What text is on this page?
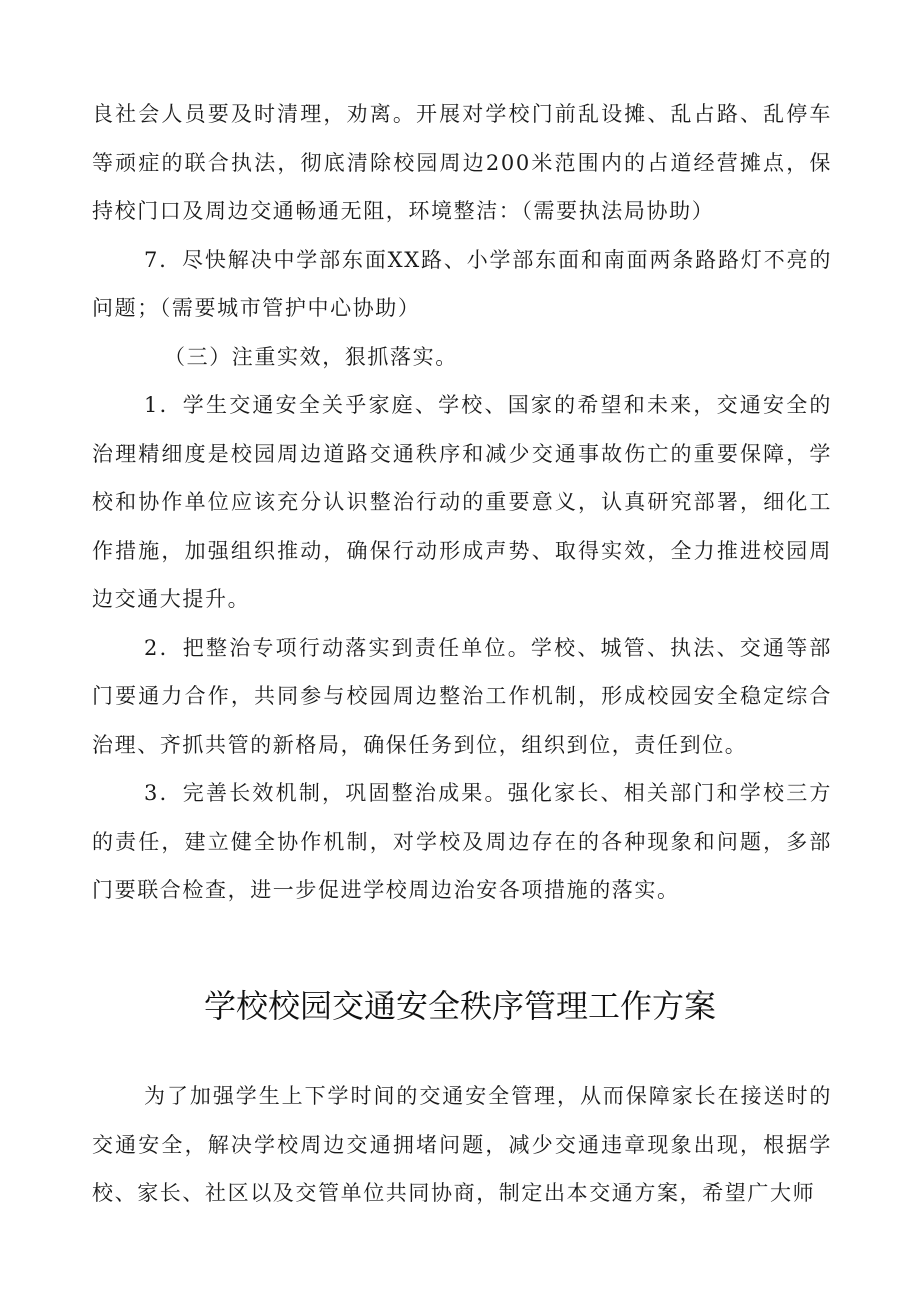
良社会人员要及时清理，劝离。开展对学校门前乱设摊、乱占路、乱停车等顽症的联合执法，彻底清除校园周边200米范围内的占道经营摊点，保持校门口及周边交通畅通无阻，环境整洁：（需要执法局协助）

7．尽快解决中学部东面XX路、小学部东面和南面两条路路灯不亮的问题；（需要城市管护中心协助）

（三）注重实效，狠抓落实。

1．学生交通安全关乎家庭、学校、国家的希望和未来，交通安全的治理精细度是校园周边道路交通秩序和减少交通事故伤亡的重要保障，学校和协作单位应该充分认识整治行动的重要意义，认真研究部署，细化工作措施，加强组织推动，确保行动形成声势、取得实效，全力推进校园周边交通大提升。

2．把整治专项行动落实到责任单位。学校、城管、执法、交通等部门要通力合作，共同参与校园周边整治工作机制，形成校园安全稳定综合治理、齐抓共管的新格局，确保任务到位，组织到位，责任到位。

3．完善长效机制，巩固整治成果。强化家长、相关部门和学校三方的责任，建立健全协作机制，对学校及周边存在的各种现象和问题，多部门要联合检查，进一步促进学校周边治安各项措施的落实。

学校校园交通安全秩序管理工作方案

为了加强学生上下学时间的交通安全管理，从而保障家长在接送时的交通安全，解决学校周边交通拥堵问题，减少交通违章现象出现，根据学校、家长、社区以及交管单位共同协商，制定出本交通方案，希望广大师
